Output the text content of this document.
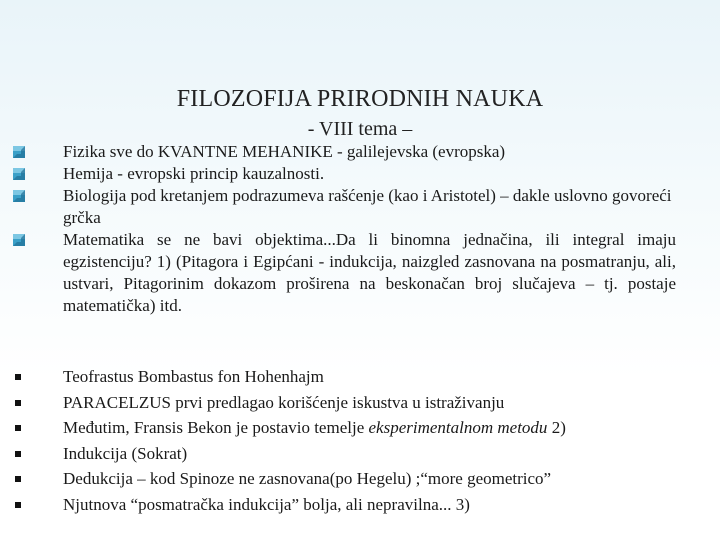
FILOZOFIJA PRIRODNIH NAUKA
- VIII tema –
Fizika sve do KVANTNE MEHANIKE - galilejevska (evropska)
Hemija - evropski princip kauzalnosti.
Biologija pod kretanjem podrazumeva rašćenje (kao i Aristotel) – dakle uslovno govoreći grčka
Matematika se ne bavi objektima...Da li binomna jednačina, ili integral imaju egzistenciju? 1) (Pitagora i Egipćani - indukcija, naizgled zasnovana na posmatranju, ali, ustvari, Pitagorinim dokazom proširena na beskonačan broj slučajeva – tj. postaje matematička) itd.
Teofrastus Bombastus fon Hohenhajm
PARACELZUS prvi predlagao korišćenje iskustva u istraživanju
Međutim, Fransis Bekon je postavio temelje eksperimentalnom metodu 2)
Indukcija (Sokrat)
Dedukcija – kod Spinoze ne zasnovana(po Hegelu) ;“more geometrico”
Njutnova “posmatračka indukcija” bolja, ali nepravilna... 3)
